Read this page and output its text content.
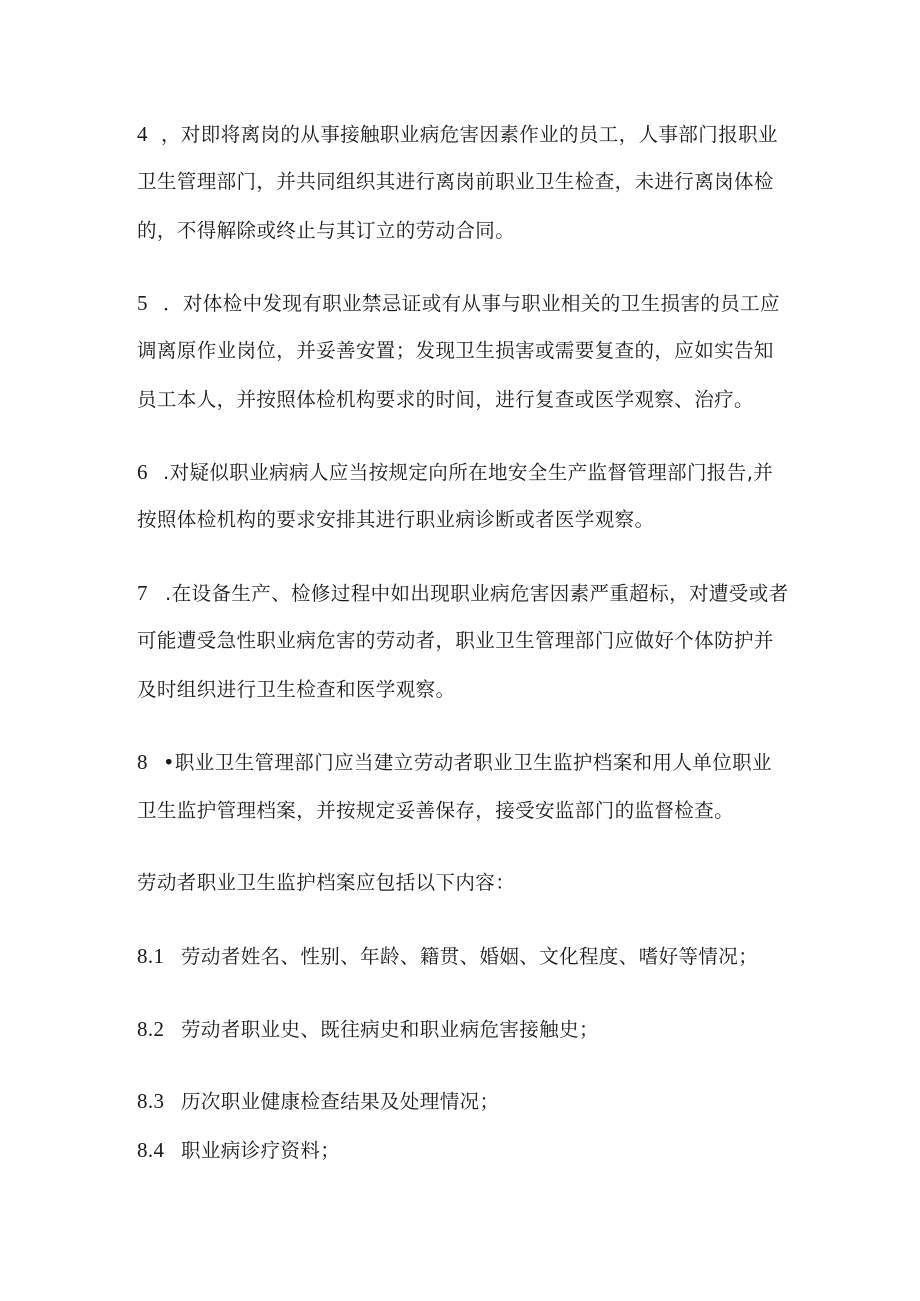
4 ，对即将离岗的从事接触职业病危害因素作业的员工，人事部门报职业
卫生管理部门，并共同组织其进行离岗前职业卫生检查，未进行离岗体检
的，不得解除或终止与其订立的劳动合同。
5 ．对体检中发现有职业禁忌证或有从事与职业相关的卫生损害的员工应
调离原作业岗位，并妥善安置；发现卫生损害或需要复查的，应如实告知
员工本人，并按照体检机构要求的时间，进行复查或医学观察、治疗。
6 .对疑似职业病病人应当按规定向所在地安全生产监督管理部门报告,并
按照体检机构的要求安排其进行职业病诊断或者医学观察。
7 .在设备生产、检修过程中如出现职业病危害因素严重超标，对遭受或者
可能遭受急性职业病危害的劳动者，职业卫生管理部门应做好个体防护并
及时组织进行卫生检查和医学观察。
8 •职业卫生管理部门应当建立劳动者职业卫生监护档案和用人单位职业
卫生监护管理档案，并按规定妥善保存，接受安监部门的监督检查。
劳动者职业卫生监护档案应包括以下内容：
8.1 劳动者姓名、性别、年龄、籍贯、婚姻、文化程度、嗜好等情况；
8.2 劳动者职业史、既往病史和职业病危害接触史；
8.3 历次职业健康检查结果及处理情况；
8.4 职业病诊疗资料；
